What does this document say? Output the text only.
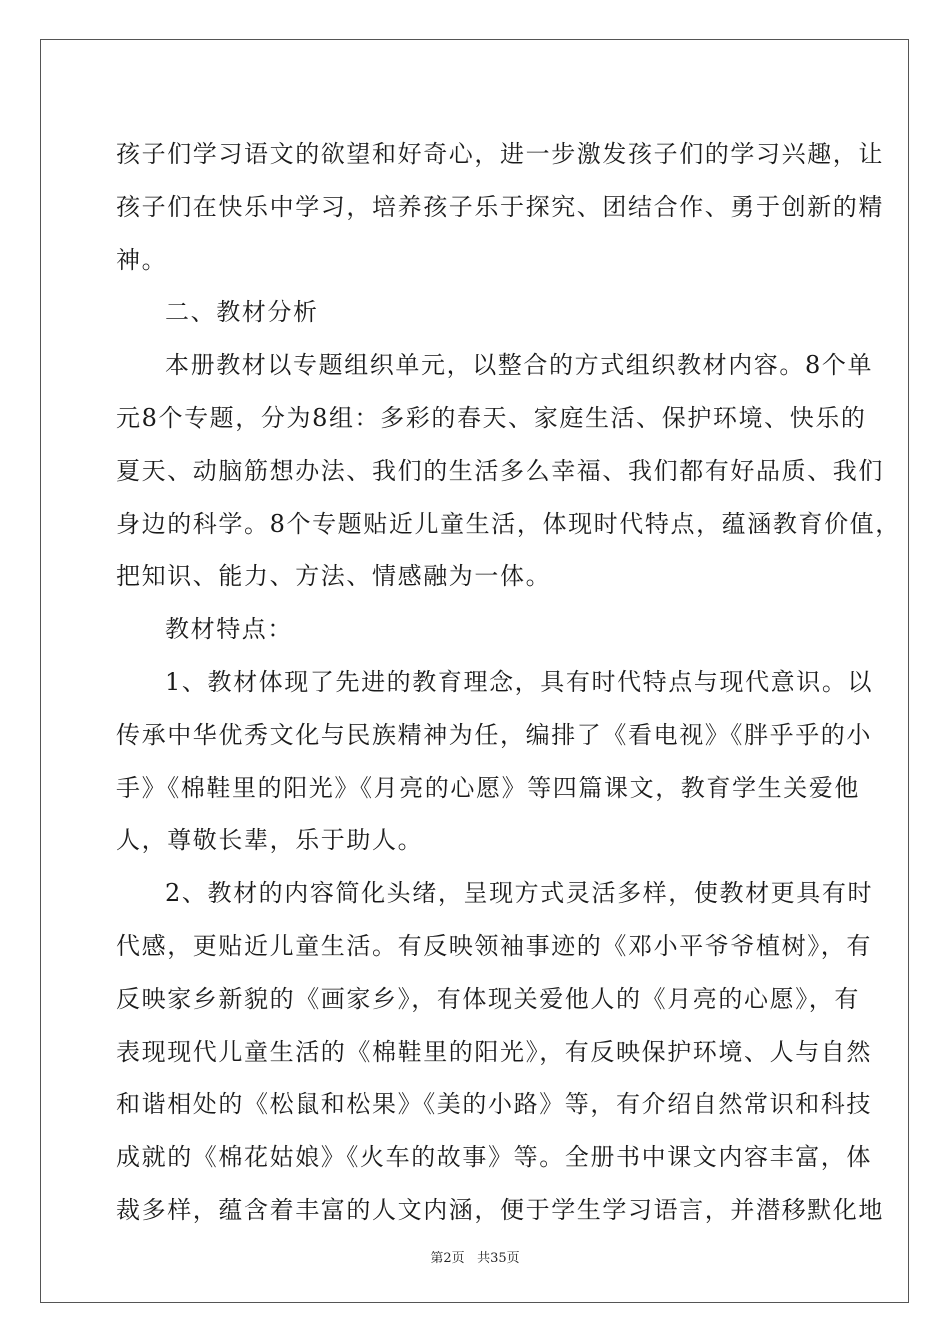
孩子们学习语文的欲望和好奇心，进一步激发孩子们的学习兴趣，让
孩子们在快乐中学习，培养孩子乐于探究、团结合作、勇于创新的精
神。
二、教材分析
本册教材以专题组织单元，以整合的方式组织教材内容。8个单
元8个专题，分为8组：多彩的春天、家庭生活、保护环境、快乐的
夏天、动脑筋想办法、我们的生活多么幸福、我们都有好品质、我们
身边的科学。8个专题贴近儿童生活，体现时代特点，蕴涵教育价值，
把知识、能力、方法、情感融为一体。
教材特点：
1、教材体现了先进的教育理念，具有时代特点与现代意识。以
传承中华优秀文化与民族精神为任，编排了《看电视》《胖乎乎的小
手》《棉鞋里的阳光》《月亮的心愿》等四篇课文，教育学生关爱他
人，尊敬长辈，乐于助人。
2、教材的内容简化头绪，呈现方式灵活多样，使教材更具有时
代感，更贴近儿童生活。有反映领袖事迹的《邓小平爷爷植树》，有
反映家乡新貌的《画家乡》，有体现关爱他人的《月亮的心愿》，有
表现现代儿童生活的《棉鞋里的阳光》，有反映保护环境、人与自然
和谐相处的《松鼠和松果》《美的小路》等，有介绍自然常识和科技
成就的《棉花姑娘》《火车的故事》等。全册书中课文内容丰富，体
裁多样，蕴含着丰富的人文内涵，便于学生学习语言，并潜移默化地
第2页 共35页
